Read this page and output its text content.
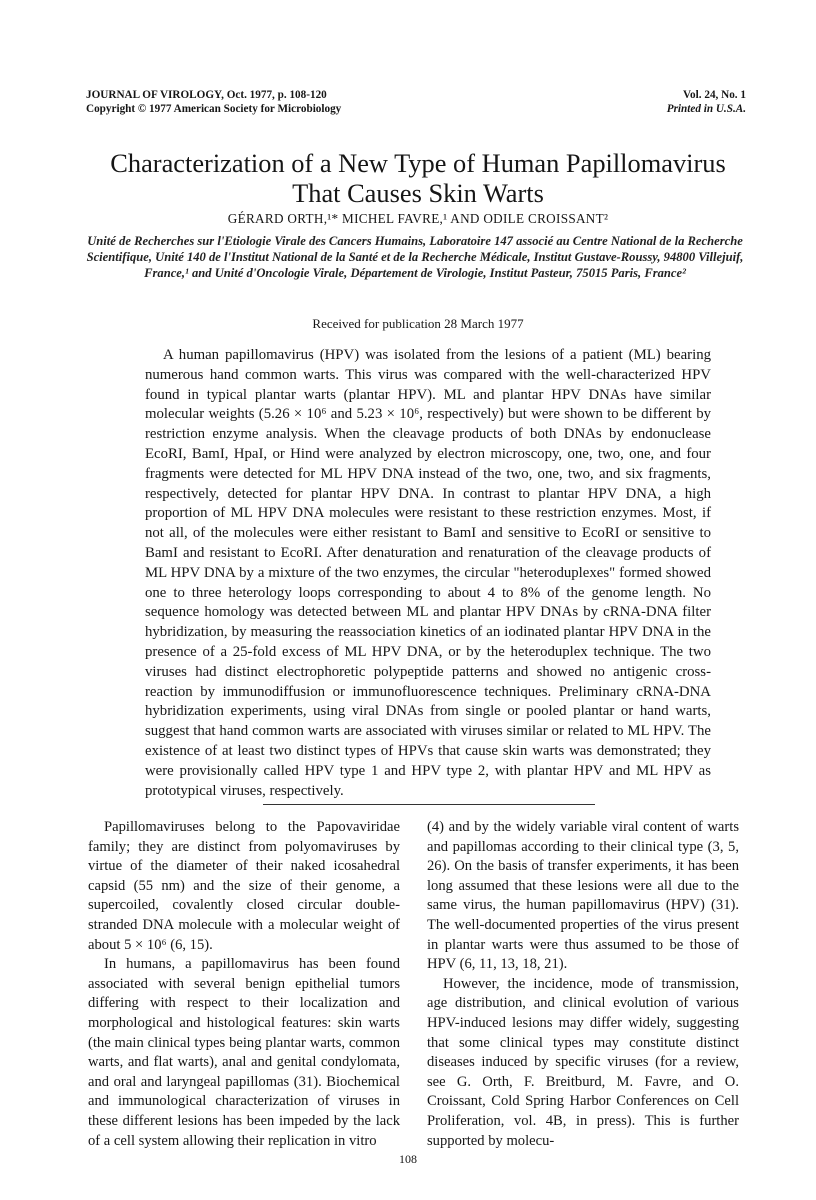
JOURNAL OF VIROLOGY, Oct. 1977, p. 108-120
Copyright © 1977 American Society for Microbiology
Vol. 24, No. 1
Printed in U.S.A.
Characterization of a New Type of Human Papillomavirus
That Causes Skin Warts
GÉRARD ORTH,¹* MICHEL FAVRE,¹ AND ODILE CROISSANT²
Unité de Recherches sur l'Etiologie Virale des Cancers Humains, Laboratoire 147 associé au Centre National de la Recherche Scientifique, Unité 140 de l'Institut National de la Santé et de la Recherche Médicale, Institut Gustave-Roussy, 94800 Villejuif, France,¹ and Unité d'Oncologie Virale, Département de Virologie, Institut Pasteur, 75015 Paris, France²
Received for publication 28 March 1977
A human papillomavirus (HPV) was isolated from the lesions of a patient (ML) bearing numerous hand common warts. This virus was compared with the well-characterized HPV found in typical plantar warts (plantar HPV). ML and plantar HPV DNAs have similar molecular weights (5.26 × 10⁶ and 5.23 × 10⁶, respectively) but were shown to be different by restriction enzyme analysis. When the cleavage products of both DNAs by endonuclease EcoRI, BamI, HpaI, or Hind were analyzed by electron microscopy, one, two, one, and four fragments were detected for ML HPV DNA instead of the two, one, two, and six fragments, respectively, detected for plantar HPV DNA. In contrast to plantar HPV DNA, a high proportion of ML HPV DNA molecules were resistant to these restriction enzymes. Most, if not all, of the molecules were either resistant to BamI and sensitive to EcoRI or sensitive to BamI and resistant to EcoRI. After denaturation and renaturation of the cleavage products of ML HPV DNA by a mixture of the two enzymes, the circular "heteroduplexes" formed showed one to three heterology loops corresponding to about 4 to 8% of the genome length. No sequence homology was detected between ML and plantar HPV DNAs by cRNA-DNA filter hybridization, by measuring the reassociation kinetics of an iodinated plantar HPV DNA in the presence of a 25-fold excess of ML HPV DNA, or by the heteroduplex technique. The two viruses had distinct electrophoretic polypeptide patterns and showed no antigenic cross-reaction by immunodiffusion or immunofluorescence techniques. Preliminary cRNA-DNA hybridization experiments, using viral DNAs from single or pooled plantar or hand warts, suggest that hand common warts are associated with viruses similar or related to ML HPV. The existence of at least two distinct types of HPVs that cause skin warts was demonstrated; they were provisionally called HPV type 1 and HPV type 2, with plantar HPV and ML HPV as prototypical viruses, respectively.

Papillomaviruses belong to the Papovaviridae family; they are distinct from polyomaviruses by virtue of the diameter of their naked icosahedral capsid (55 nm) and the size of their genome, a supercoiled, covalently closed circular double-stranded DNA molecule with a molecular weight of about 5 × 10⁶ (6, 15).

In humans, a papillomavirus has been found associated with several benign epithelial tumors differing with respect to their localization and morphological and histological features: skin warts (the main clinical types being plantar warts, common warts, and flat warts), anal and genital condylomata, and oral and laryngeal papillomas (31). Biochemical and immunological characterization of viruses in these different lesions has been impeded by the lack of a cell system allowing their replication in vitro

(4) and by the widely variable viral content of warts and papillomas according to their clinical type (3, 5, 26). On the basis of transfer experiments, it has been long assumed that these lesions were all due to the same virus, the human papillomavirus (HPV) (31). The well-documented properties of the virus present in plantar warts were thus assumed to be those of HPV (6, 11, 13, 18, 21).

However, the incidence, mode of transmission, age distribution, and clinical evolution of various HPV-induced lesions may differ widely, suggesting that some clinical types may constitute distinct diseases induced by specific viruses (for a review, see G. Orth, F. Breitburd, M. Favre, and O. Croissant, Cold Spring Harbor Conferences on Cell Proliferation, vol. 4B, in press). This is further supported by molecu-

108
